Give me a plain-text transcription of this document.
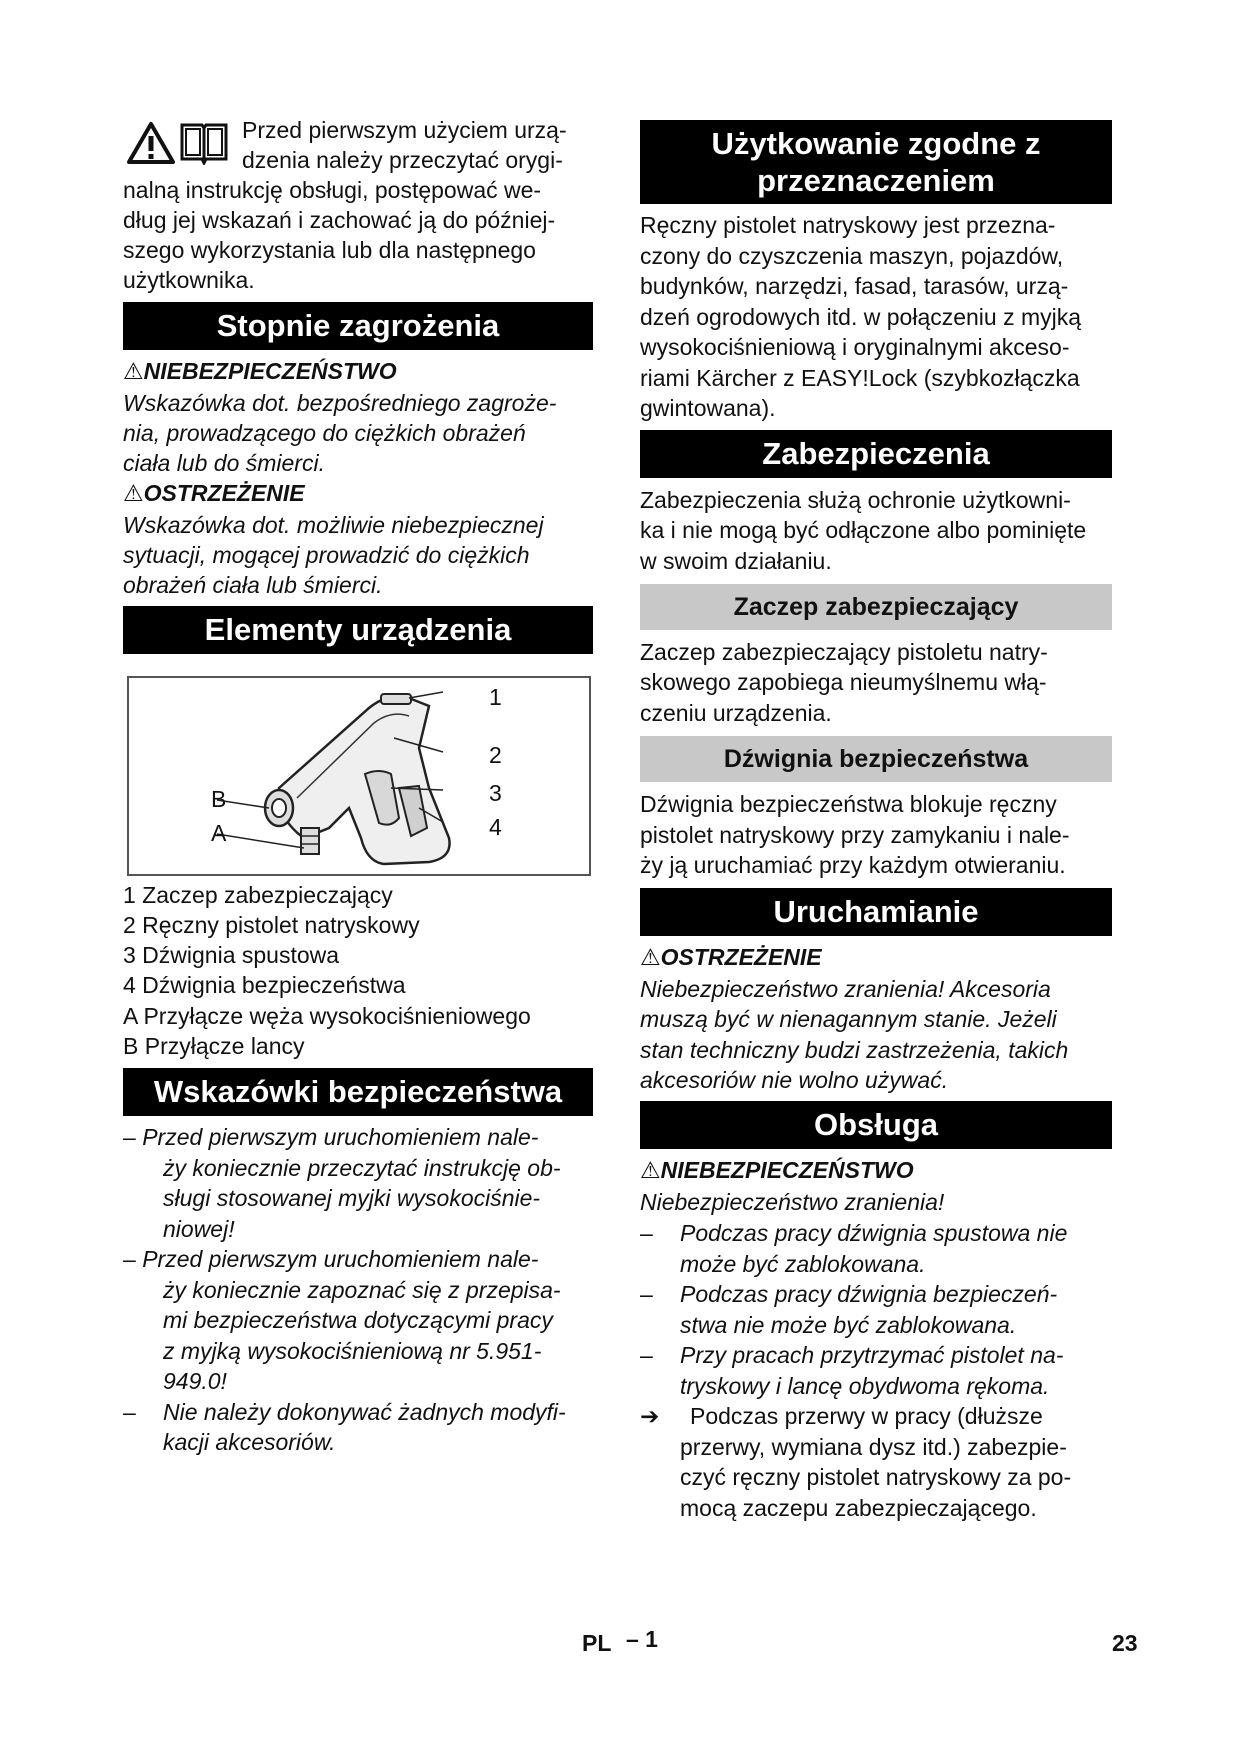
Przed pierwszym użyciem urzą-

dzenia należy przeczytać orygi-

nalną instrukcję obsługi, postępować we-

dług jej wskazań i zachować ją do później-

szego wykorzystania lub dla następnego

użytkownika.

Stopnie zagrożenia
⚠NIEBEZPIECZEŃSTWO

Wskazówka dot. bezpośredniego zagroże-

nia, prowadzącego do ciężkich obrażeń

ciała lub do śmierci.

⚠OSTRZEŻENIE

Wskazówka dot. możliwie niebezpiecznej

sytuacji, mogącej prowadzić do ciężkich

obrażeń ciała lub śmierci.

Elementy urządzenia
1
2
3
4
B
A

1 Zaczep zabezpieczający

2 Ręczny pistolet natryskowy

3 Dźwignia spustowa

4 Dźwignia bezpieczeństwa

A Przyłącze węża wysokociśnieniowego

B Przyłącze lancy

Wskazówki bezpieczeństwa
– Przed pierwszym uruchomieniem nale-
ży koniecznie przeczytać instrukcję ob-
sługi stosowanej myjki wysokociśnie-
niowej!
– Przed pierwszym uruchomieniem nale-
ży koniecznie zapoznać się z przepisa-
mi bezpieczeństwa dotyczącymi pracy
z myjką wysokociśnieniową nr 5.951-
949.0!
– Nie należy dokonywać żadnych modyfi-
kacji akcesoriów.
Użytkowanie zgodne z
przeznaczeniem

Ręczny pistolet natryskowy jest przezna-

czony do czyszczenia maszyn, pojazdów,

budynków, narzędzi, fasad, tarasów, urzą-

dzeń ogrodowych itd. w połączeniu z myjką

wysokociśnieniową i oryginalnymi akceso-

riami Kärcher z EASY!Lock (szybkozłączka

gwintowana).

Zabezpieczenia

Zabezpieczenia służą ochronie użytkowni-

ka i nie mogą być odłączone albo pominięte

w swoim działaniu.

Zaczep zabezpieczający

Zaczep zabezpieczający pistoletu natry-

skowego zapobiega nieumyślnemu włą-

czeniu urządzenia.

Dźwignia bezpieczeństwa

Dźwignia bezpieczeństwa blokuje ręczny

pistolet natryskowy przy zamykaniu i nale-

ży ją uruchamiać przy każdym otwieraniu.

Uruchamianie
⚠OSTRZEŻENIE

Niebezpieczeństwo zranienia! Akcesoria

muszą być w nienagannym stanie. Jeżeli

stan techniczny budzi zastrzeżenia, takich

akcesoriów nie wolno używać.

Obsługa
⚠NIEBEZPIECZEŃSTWO

Niebezpieczeństwo zranienia!

– Podczas pracy dźwignia spustowa nie
może być zablokowana.
– Podczas pracy dźwignia bezpieczeń-
stwa nie może być zablokowana.
– Przy pracach przytrzymać pistolet na-
tryskowy i lancę obydwoma rękoma.
➔ Podczas przerwy w pracy (dłuższe
przerwy, wymiana dysz itd.) zabezpie-
czyć ręczny pistolet natryskowy za po-
mocą zaczepu zabezpieczającego.
PL – 1	23
